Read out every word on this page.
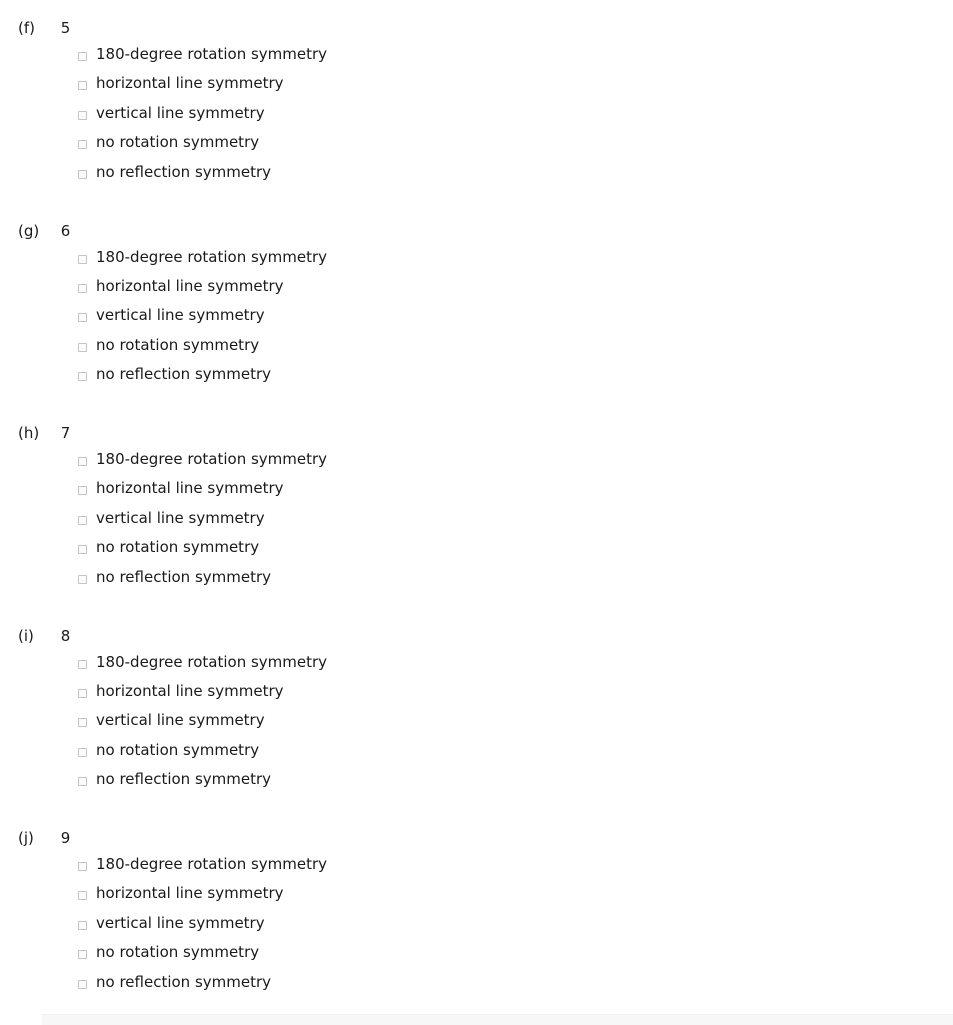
(f) 5
180-degree rotation symmetry
horizontal line symmetry
vertical line symmetry
no rotation symmetry
no reflection symmetry
(g) 6
180-degree rotation symmetry
horizontal line symmetry
vertical line symmetry
no rotation symmetry
no reflection symmetry
(h) 7
180-degree rotation symmetry
horizontal line symmetry
vertical line symmetry
no rotation symmetry
no reflection symmetry
(i) 8
180-degree rotation symmetry
horizontal line symmetry
vertical line symmetry
no rotation symmetry
no reflection symmetry
(j) 9
180-degree rotation symmetry
horizontal line symmetry
vertical line symmetry
no rotation symmetry
no reflection symmetry
